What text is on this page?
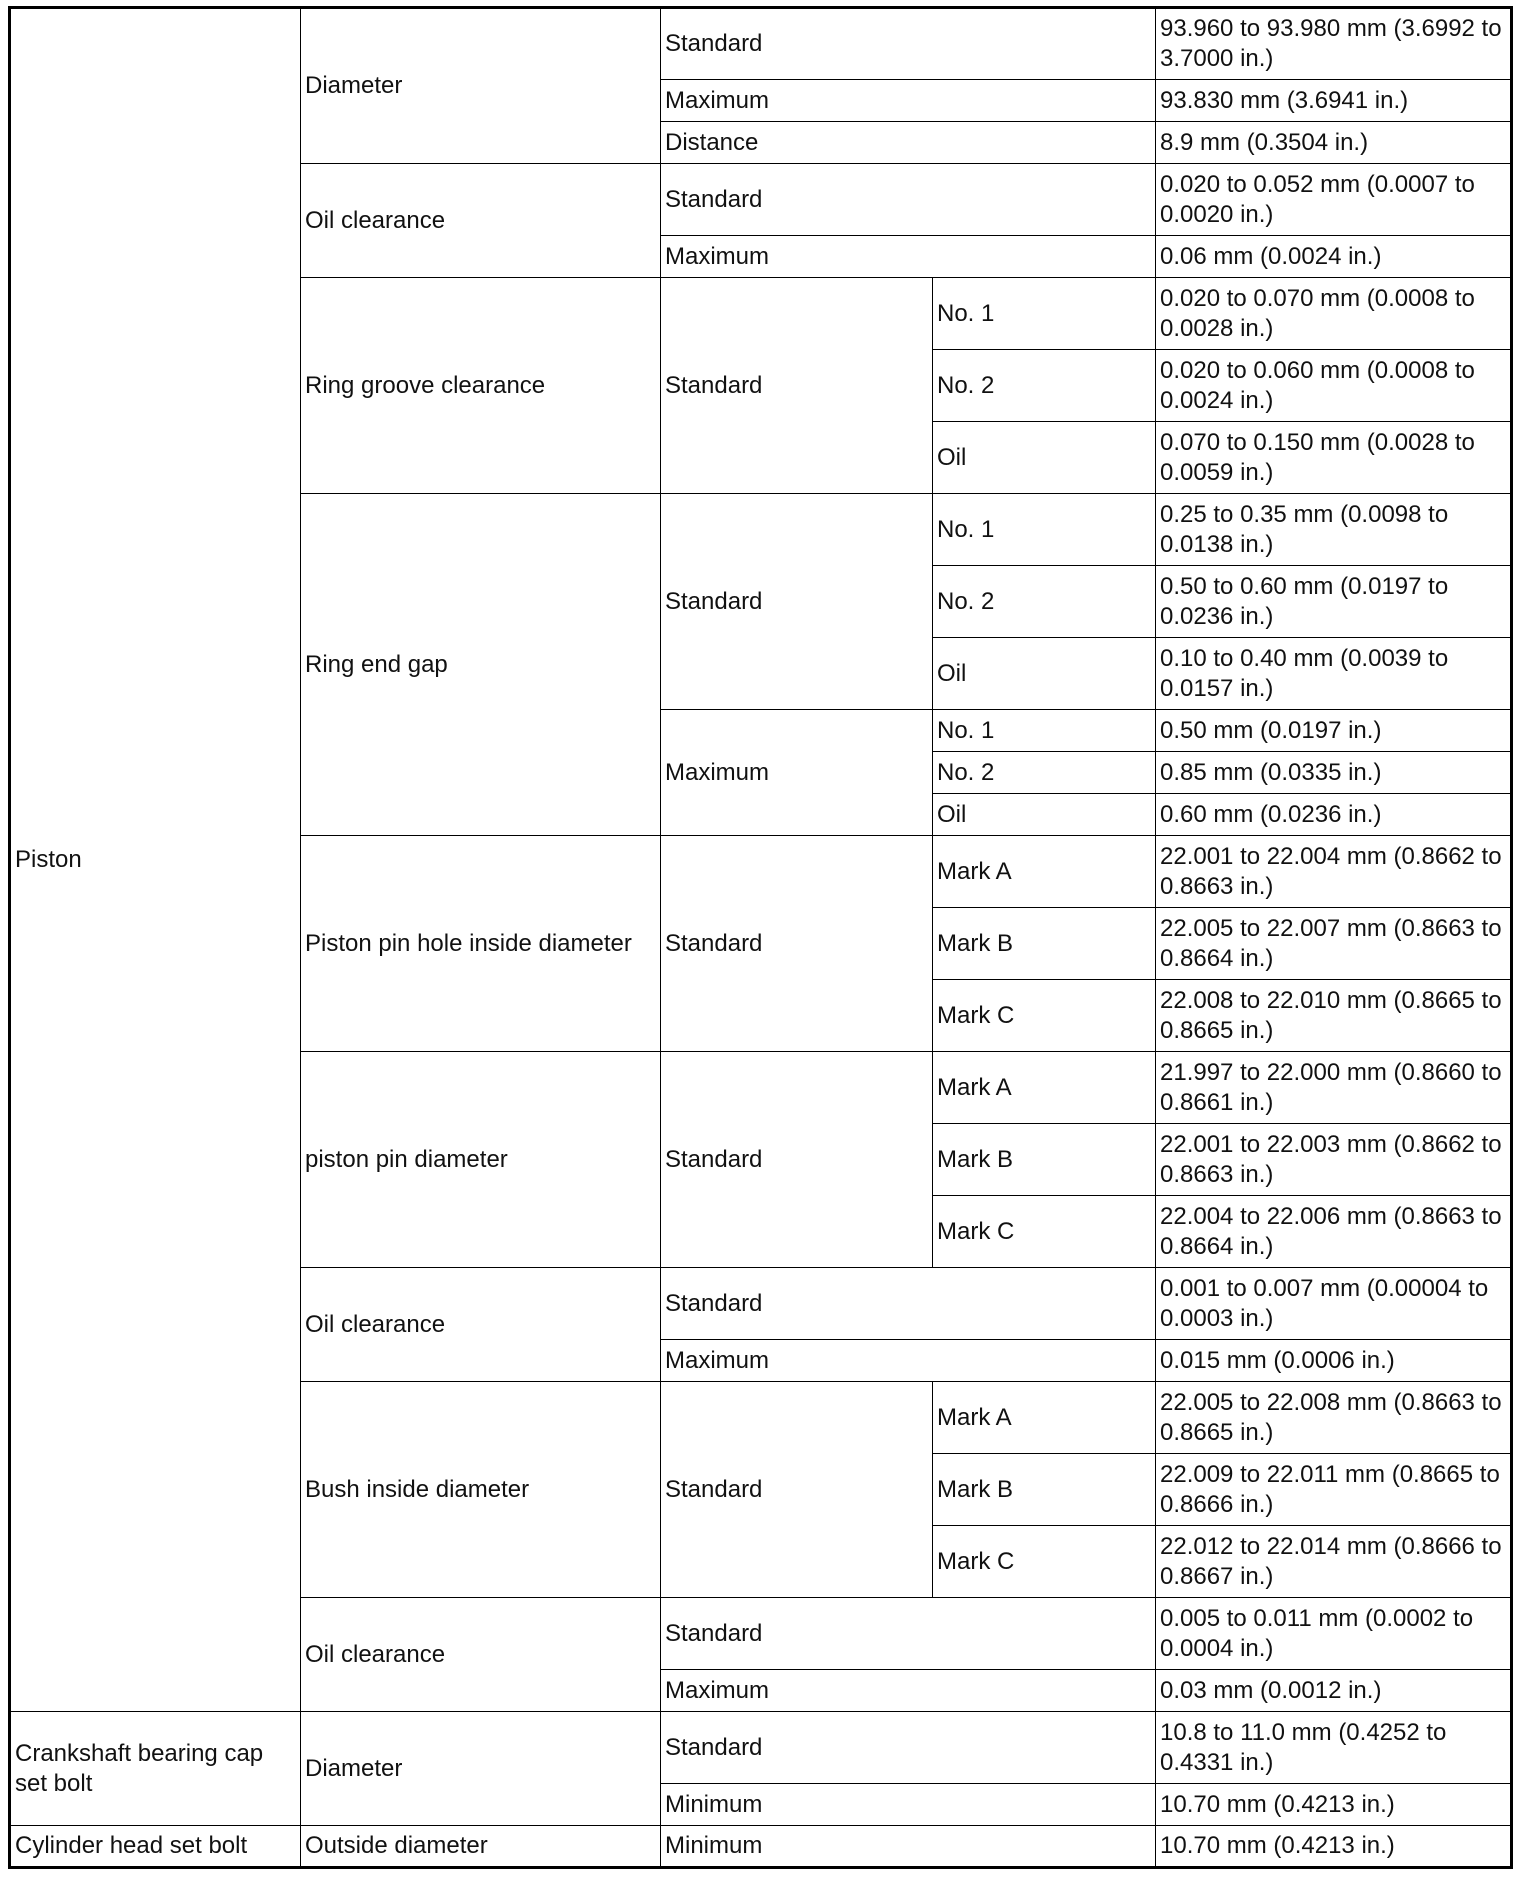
Piston	Diameter	Standard		93.960 to 93.980 mm (3.6992 to 3.7000 in.)
		Maximum		93.830 mm (3.6941 in.)
		Distance		8.9 mm (0.3504 in.)
	Oil clearance	Standard		0.020 to 0.052 mm (0.0007 to 0.0020 in.)
		Maximum		0.06 mm (0.0024 in.)
	Ring groove clearance	Standard	No. 1	0.020 to 0.070 mm (0.0008 to 0.0028 in.)
			No. 2	0.020 to 0.060 mm (0.0008 to 0.0024 in.)
			Oil	0.070 to 0.150 mm (0.0028 to 0.0059 in.)
	Ring end gap	Standard	No. 1	0.25 to 0.35 mm (0.0098 to 0.0138 in.)
			No. 2	0.50 to 0.60 mm (0.0197 to 0.0236 in.)
			Oil	0.10 to 0.40 mm (0.0039 to 0.0157 in.)
		Maximum	No. 1	0.50 mm (0.0197 in.)
			No. 2	0.85 mm (0.0335 in.)
			Oil	0.60 mm (0.0236 in.)
	Piston pin hole inside diameter	Standard	Mark A	22.001 to 22.004 mm (0.8662 to 0.8663 in.)
			Mark B	22.005 to 22.007 mm (0.8663 to 0.8664 in.)
			Mark C	22.008 to 22.010 mm (0.8665 to 0.8665 in.)
	piston pin diameter	Standard	Mark A	21.997 to 22.000 mm (0.8660 to 0.8661 in.)
			Mark B	22.001 to 22.003 mm (0.8662 to 0.8663 in.)
			Mark C	22.004 to 22.006 mm (0.8663 to 0.8664 in.)
	Oil clearance	Standard		0.001 to 0.007 mm (0.00004 to 0.0003 in.)
		Maximum		0.015 mm (0.0006 in.)
	Bush inside diameter	Standard	Mark A	22.005 to 22.008 mm (0.8663 to 0.8665 in.)
			Mark B	22.009 to 22.011 mm (0.8665 to 0.8666 in.)
			Mark C	22.012 to 22.014 mm (0.8666 to 0.8667 in.)
	Oil clearance	Standard		0.005 to 0.011 mm (0.0002 to 0.0004 in.)
		Maximum		0.03 mm (0.0012 in.)
Crankshaft bearing cap set bolt	Diameter	Standard		10.8 to 11.0 mm (0.4252 to 0.4331 in.)
		Minimum		10.70 mm (0.4213 in.)
Cylinder head set bolt	Outside diameter	Minimum		10.70 mm (0.4213 in.)
